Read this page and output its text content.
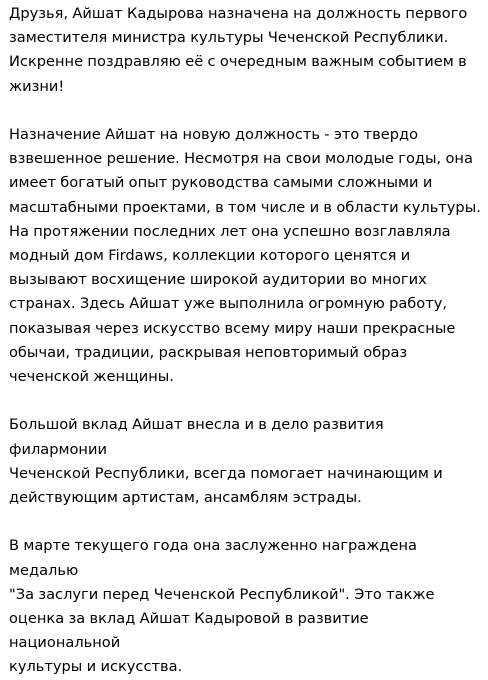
Друзья, Айшат Кадырова назначена на должность первого
заместителя министра культуры Чеченской Республики.
Искренне поздравляю её с очередным важным событием в
жизни!

Назначение Айшат на новую должность - это твердо
взвешенное решение. Несмотря на свои молодые годы, она
имеет богатый опыт руководства самыми сложными и
масштабными проектами, в том числе и в области культуры.
На протяжении последних лет она успешно возглавляла
модный дом Firdaws, коллекции которого ценятся и
вызывают восхищение широкой аудитории во многих
странах. Здесь Айшат уже выполнила огромную работу,
показывая через искусство всему миру наши прекрасные
обычаи, традиции, раскрывая неповторимый образ
чеченской женщины.

Большой вклад Айшат внесла и в дело развития филармонии
Чеченской Республики, всегда помогает начинающим и
действующим артистам, ансамблям эстрады.

В марте текущего года она заслуженно награждена медалью
"За заслуги перед Чеченской Республикой". Это также
оценка за вклад Айшат Кадыровой в развитие национальной
культуры и искусства.
